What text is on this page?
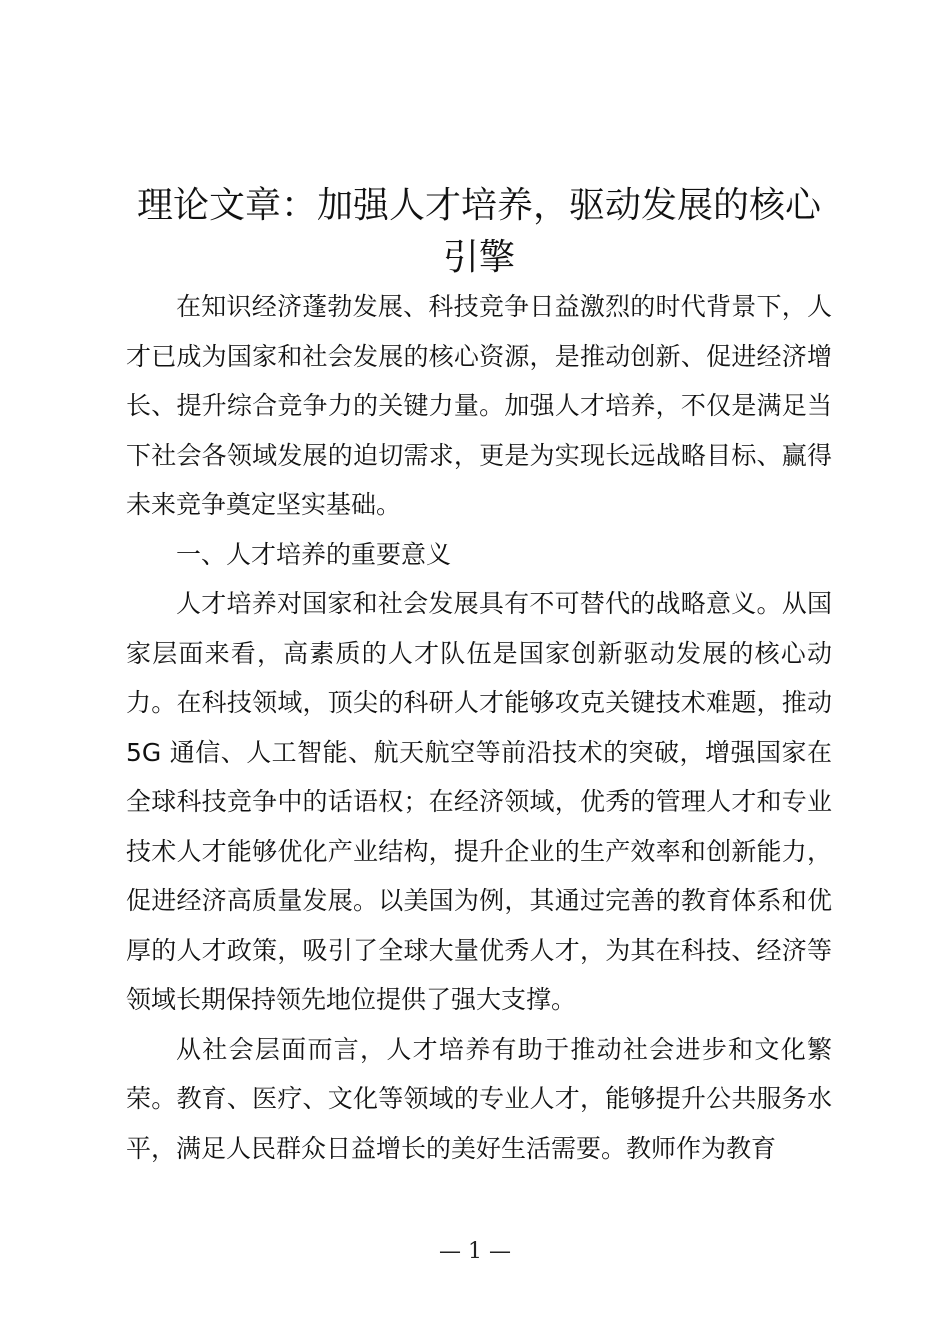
理论文章：加强人才培养，驱动发展的核心引擎

在知识经济蓬勃发展、科技竞争日益激烈的时代背景下，人才已成为国家和社会发展的核心资源，是推动创新、促进经济增长、提升综合竞争力的关键力量。加强人才培养，不仅是满足当下社会各领域发展的迫切需求，更是为实现长远战略目标、赢得未来竞争奠定坚实基础。

一、人才培养的重要意义

人才培养对国家和社会发展具有不可替代的战略意义。从国家层面来看，高素质的人才队伍是国家创新驱动发展的核心动力。在科技领域，顶尖的科研人才能够攻克关键技术难题，推动 5G 通信、人工智能、航天航空等前沿技术的突破，增强国家在全球科技竞争中的话语权；在经济领域，优秀的管理人才和专业技术人才能够优化产业结构，提升企业的生产效率和创新能力，促进经济高质量发展。以美国为例，其通过完善的教育体系和优厚的人才政策，吸引了全球大量优秀人才，为其在科技、经济等领域长期保持领先地位提供了强大支撑。

从社会层面而言，人才培养有助于推动社会进步和文化繁荣。教育、医疗、文化等领域的专业人才，能够提升公共服务水平，满足人民群众日益增长的美好生活需要。教师作为教育

— 1 —
